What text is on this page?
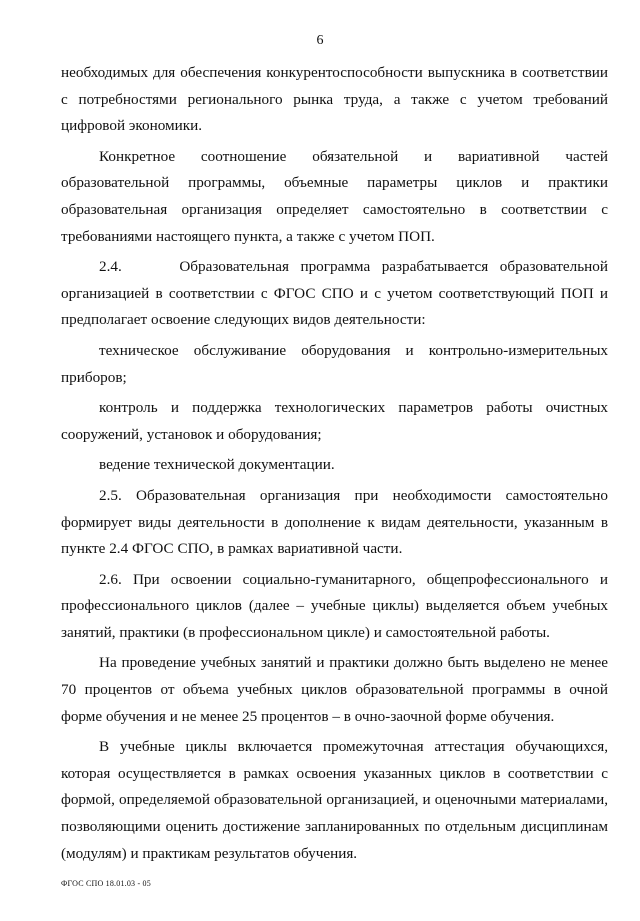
6

необходимых для обеспечения конкурентоспособности выпускника в соответствии с потребностями регионального рынка труда, а также с учетом требований цифровой экономики.

Конкретное соотношение обязательной и вариативной частей образовательной программы, объемные параметры циклов и практики образовательная организация определяет самостоятельно в соответствии с требованиями настоящего пункта, а также с учетом ПОП.

2.4.     Образовательная программа разрабатывается образовательной организацией в соответствии с ФГОС СПО и с учетом соответствующий ПОП и предполагает освоение следующих видов деятельности:

техническое обслуживание оборудования и контрольно-измерительных приборов;

контроль и поддержка технологических параметров работы очистных сооружений, установок и оборудования;

ведение технической документации.

2.5. Образовательная организация при необходимости самостоятельно формирует виды деятельности в дополнение к видам деятельности, указанным в пункте 2.4 ФГОС СПО, в рамках вариативной части.

2.6. При освоении социально-гуманитарного, общепрофессионального и профессионального циклов (далее – учебные циклы) выделяется объем учебных занятий, практики (в профессиональном цикле) и самостоятельной работы.

На проведение учебных занятий и практики должно быть выделено не менее 70 процентов от объема учебных циклов образовательной программы в очной форме обучения и не менее 25 процентов – в очно-заочной форме обучения.

В учебные циклы включается промежуточная аттестация обучающихся, которая осуществляется в рамках освоения указанных циклов в соответствии с формой, определяемой образовательной организацией, и оценочными материалами, позволяющими оценить достижение запланированных по отдельным дисциплинам (модулям) и практикам результатов обучения.

ФГОС СПО 18.01.03 - 05
